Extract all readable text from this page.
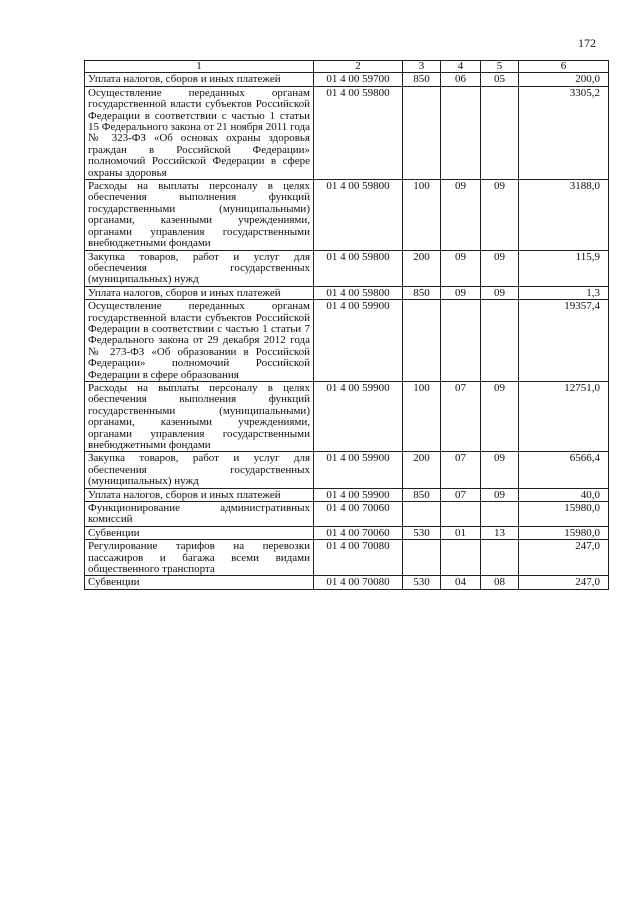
172
1	2	3	4	5	6
Уплата налогов, сборов и иных платежей	01 4 00 59700	850	06	05	200,0
Осуществление переданных органам государственной власти субъектов Российской Федерации в соответствии с частью 1 статьи 15 Федерального закона от 21 ноября 2011 года № 323-ФЗ «Об основах охраны здоровья граждан в Российской Федерации» полномочий Российской Федерации в сфере охраны здоровья	01 4 00 59800				3305,2
Расходы на выплаты персоналу в целях обеспечения выполнения функций государственными (муниципальными) органами, казенными учреждениями, органами управления государственными внебюджетными фондами	01 4 00 59800	100	09	09	3188,0
Закупка товаров, работ и услуг для обеспечения государственных (муниципальных) нужд	01 4 00 59800	200	09	09	115,9
Уплата налогов, сборов и иных платежей	01 4 00 59800	850	09	09	1,3
Осуществление переданных органам государственной власти субъектов Российской Федерации в соответствии с частью 1 статьи 7 Федерального закона от 29 декабря 2012 года № 273-ФЗ «Об образовании в Российской Федерации» полномочий Российской Федерации в сфере образования	01 4 00 59900				19357,4
Расходы на выплаты персоналу в целях обеспечения выполнения функций государственными (муниципальными) органами, казенными учреждениями, органами управления государственными внебюджетными фондами	01 4 00 59900	100	07	09	12751,0
Закупка товаров, работ и услуг для обеспечения государственных (муниципальных) нужд	01 4 00 59900	200	07	09	6566,4
Уплата налогов, сборов и иных платежей	01 4 00 59900	850	07	09	40,0
Функционирование административных комиссий	01 4 00 70060				15980,0
Субвенции	01 4 00 70060	530	01	13	15980,0
Регулирование тарифов на перевозки пассажиров и багажа всеми видами общественного транспорта	01 4 00 70080				247,0
Субвенции	01 4 00 70080	530	04	08	247,0
